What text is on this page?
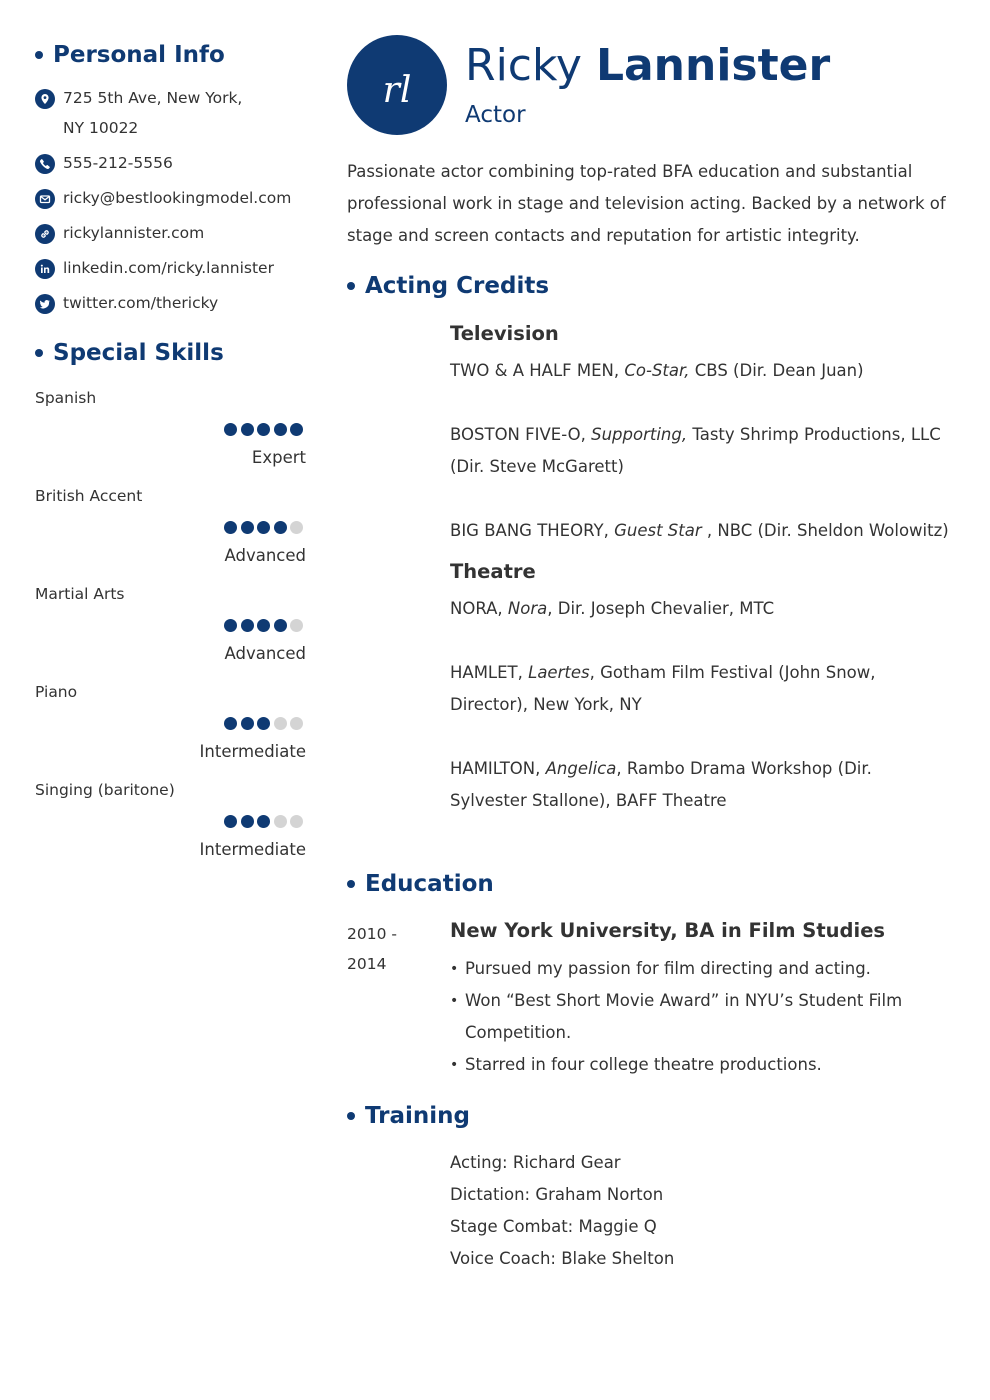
Personal Info
725 5th Ave, New York,
NY 10022
555-212-5556
ricky@bestlookingmodel.com
rickylannister.com
linkedin.com/ricky.lannister
twitter.com/thericky
Special Skills
Spanish
Expert
British Accent
Advanced
Martial Arts
Advanced
Piano
Intermediate
Singing (baritone)
Intermediate
rl Ricky Lannister
Actor
Passionate actor combining top-rated BFA education and substantial professional work in stage and television acting. Backed by a network of stage and screen contacts and reputation for artistic integrity.
Acting Credits
Television
TWO & A HALF MEN, Co-Star, CBS (Dir. Dean Juan)
BOSTON FIVE-O, Supporting, Tasty Shrimp Productions, LLC (Dir. Steve McGarett)
BIG BANG THEORY, Guest Star , NBC (Dir. Sheldon Wolowitz)
Theatre
NORA, Nora, Dir. Joseph Chevalier, MTC
HAMLET, Laertes, Gotham Film Festival (John Snow, Director), New York, NY
HAMILTON, Angelica, Rambo Drama Workshop (Dir. Sylvester Stallone), BAFF Theatre
Education
2010 -
2014
New York University, BA in Film Studies
• Pursued my passion for film directing and acting.
• Won “Best Short Movie Award” in NYU’s Student Film Competition.
• Starred in four college theatre productions.
Training
Acting: Richard Gear
Dictation: Graham Norton
Stage Combat: Maggie Q
Voice Coach: Blake Shelton
